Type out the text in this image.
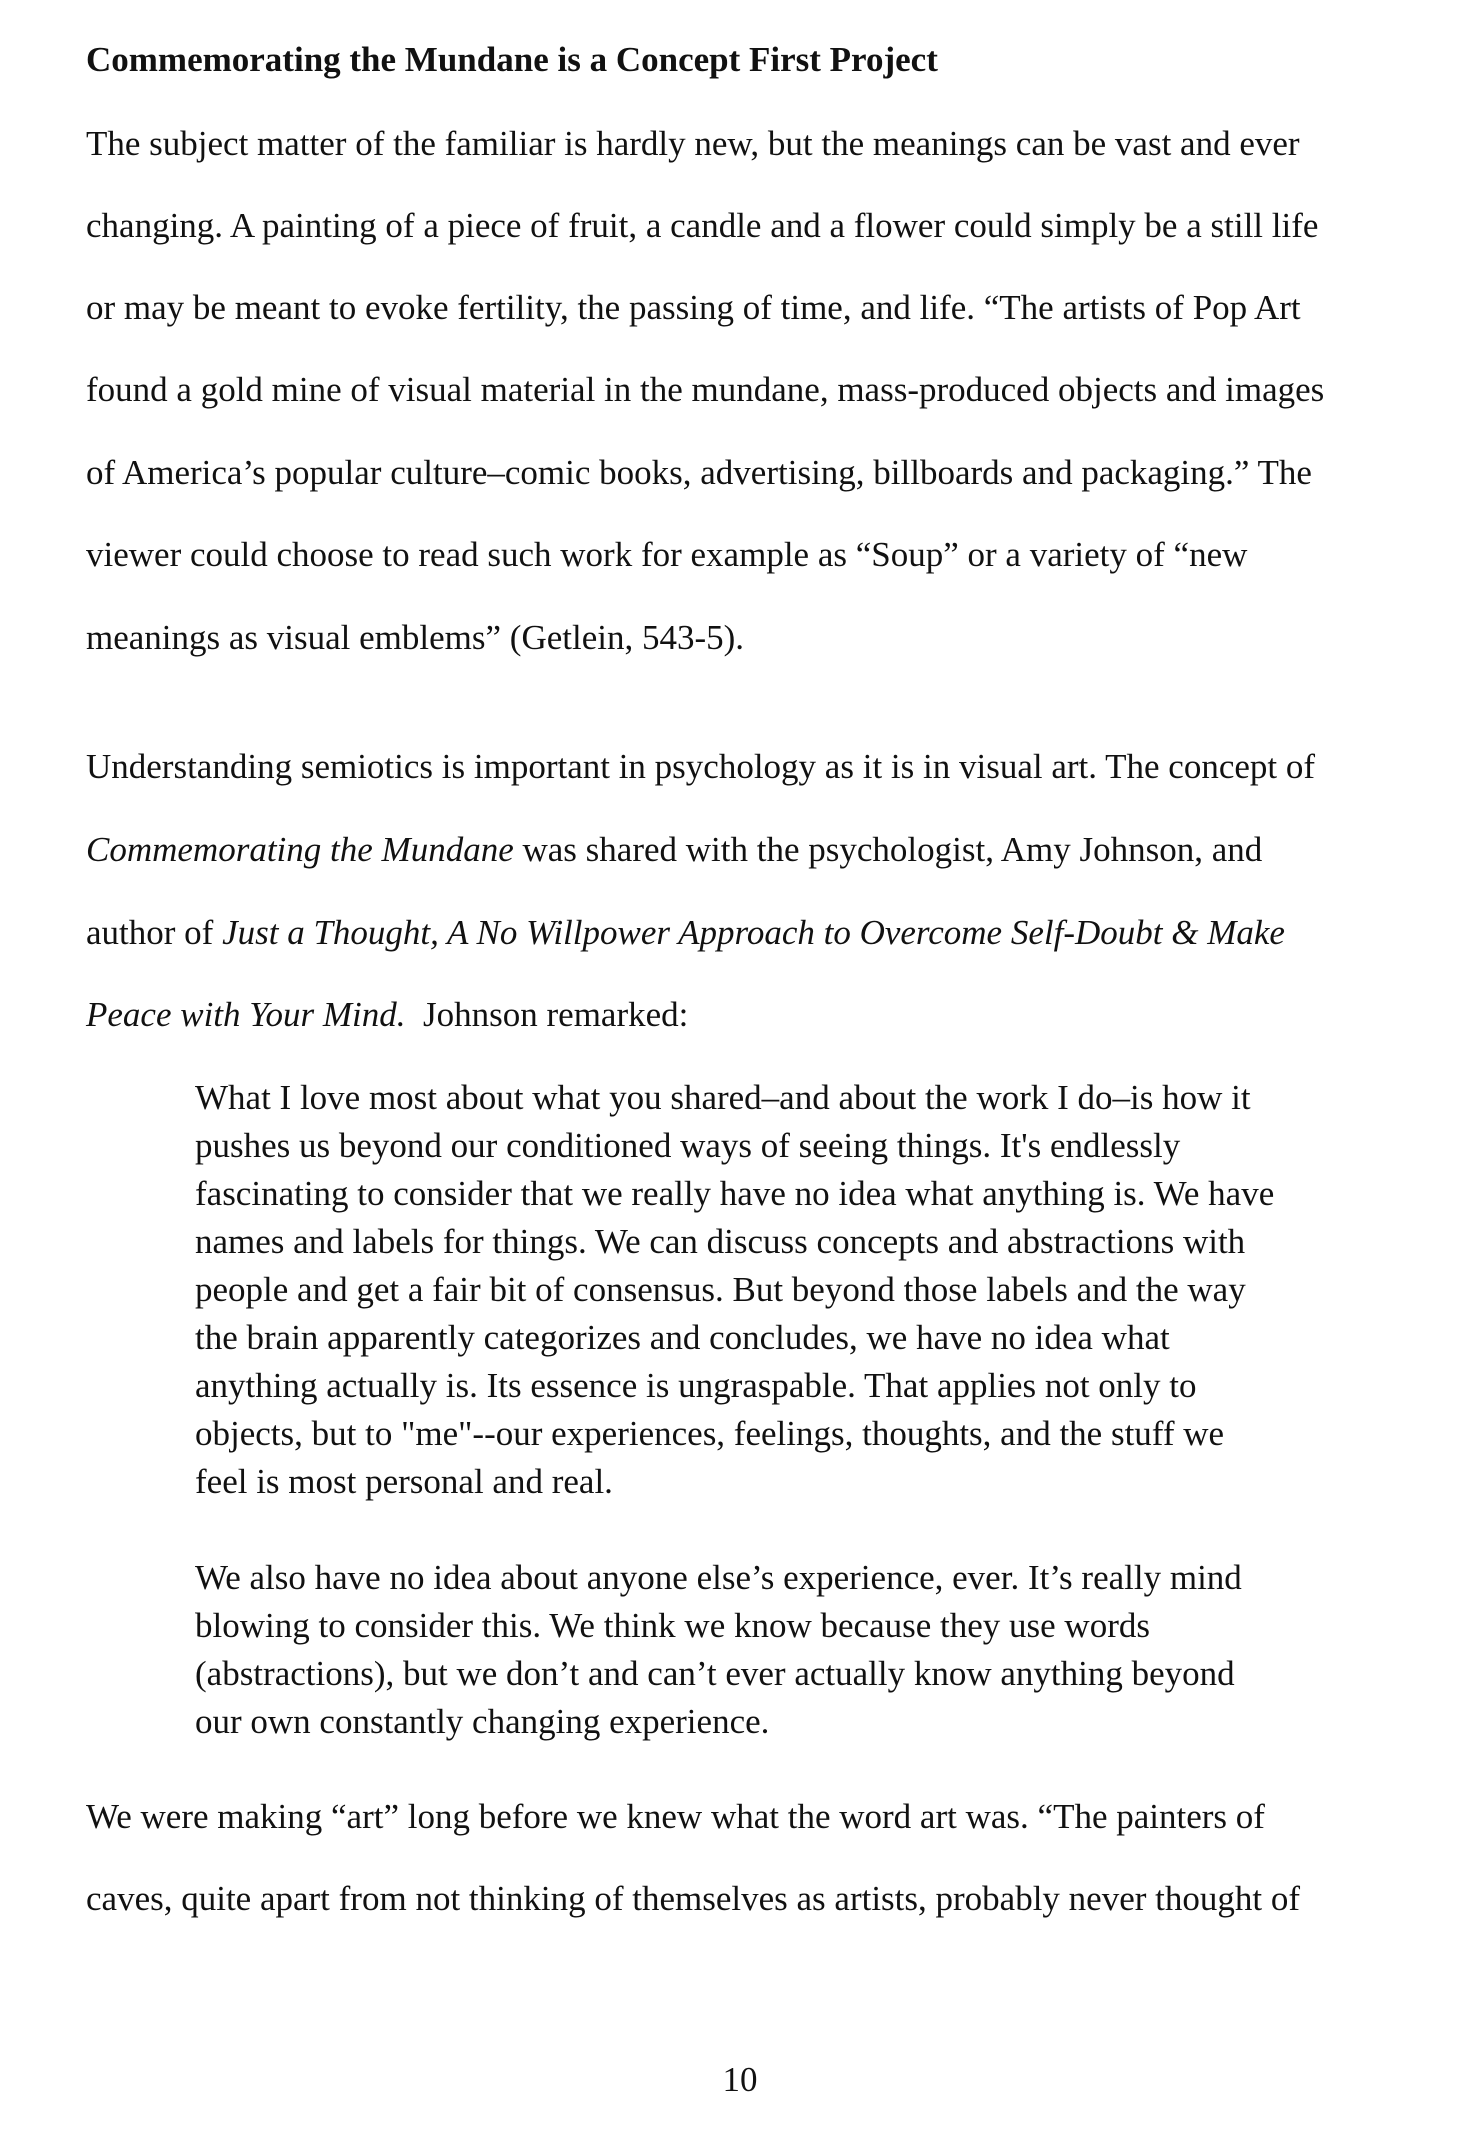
Commemorating the Mundane is a Concept First Project

The subject matter of the familiar is hardly new, but the meanings can be vast and ever

changing. A painting of a piece of fruit, a candle and a flower could simply be a still life

or may be meant to evoke fertility, the passing of time, and life. “The artists of Pop Art

found a gold mine of visual material in the mundane, mass-produced objects and images

of America’s popular culture–comic books, advertising, billboards and packaging.” The

viewer could choose to read such work for example as “Soup” or a variety of “new

meanings as visual emblems” (Getlein, 543-5).

Understanding semiotics is important in psychology as it is in visual art. The concept of

Commemorating the Mundane was shared with the psychologist, Amy Johnson, and

author of Just a Thought, A No Willpower Approach to Overcome Self-Doubt & Make

Peace with Your Mind.  Johnson remarked:

What I love most about what you shared–and about the work I do–is how it

pushes us beyond our conditioned ways of seeing things. It's endlessly

fascinating to consider that we really have no idea what anything is. We have

names and labels for things. We can discuss concepts and abstractions with

people and get a fair bit of consensus. But beyond those labels and the way

the brain apparently categorizes and concludes, we have no idea what

anything actually is. Its essence is ungraspable. That applies not only to

objects, but to "me"--our experiences, feelings, thoughts, and the stuff we

feel is most personal and real.

We also have no idea about anyone else’s experience, ever. It’s really mind

blowing to consider this. We think we know because they use words

(abstractions), but we don’t and can’t ever actually know anything beyond

our own constantly changing experience.

We were making “art” long before we knew what the word art was. “The painters of

caves, quite apart from not thinking of themselves as artists, probably never thought of

10
